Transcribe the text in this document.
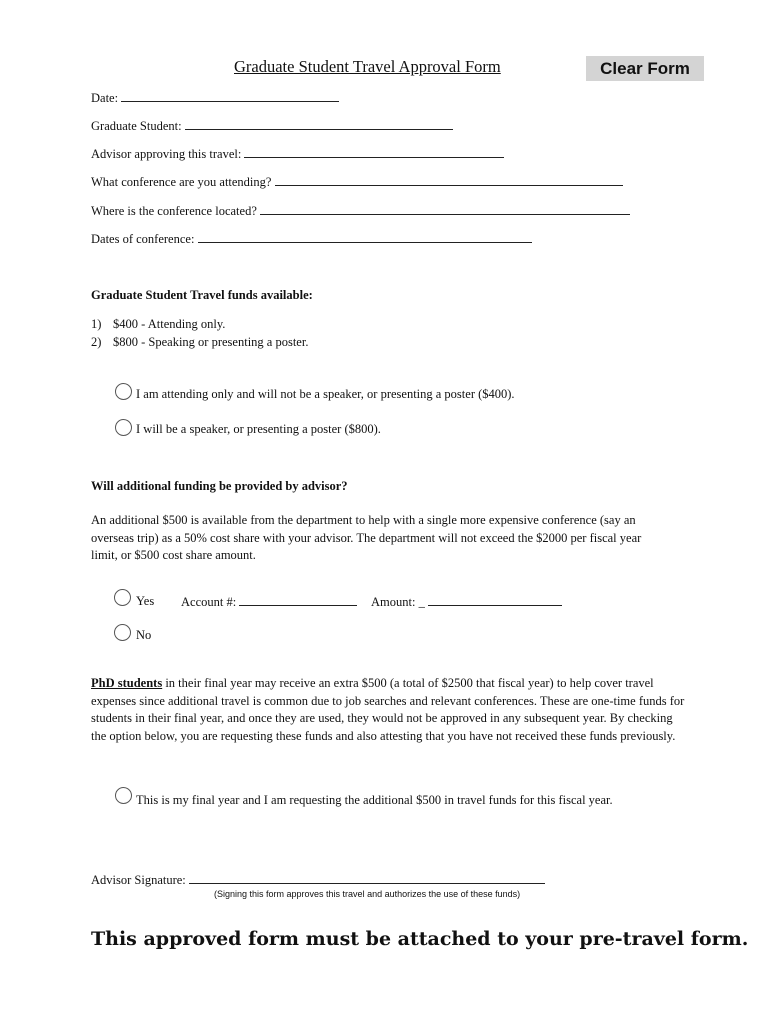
Graduate Student Travel Approval Form	Clear Form
Date:
Graduate Student:
Advisor approving this travel:
What conference are you attending?
Where is the conference located?
Dates of conference:
Graduate Student Travel funds available:
1) $400 - Attending only.
2) $800 - Speaking or presenting a poster.
I am attending only and will not be a speaker, or presenting a poster ($400).
I will be a speaker, or presenting a poster ($800).
Will additional funding be provided by advisor?
An additional $500 is available from the department to help with a single more expensive conference (say an overseas trip) as a 50% cost share with your advisor. The department will not exceed the $2000 per fiscal year limit, or $500 cost share amount.
Yes Account #:	Amount: _
No
PhD students in their final year may receive an extra $500 (a total of $2500 that fiscal year) to help cover travel expenses since additional travel is common due to job searches and relevant conferences. These are one-time funds for students in their final year, and once they are used, they would not be approved in any subsequent year. By checking the option below, you are requesting these funds and also attesting that you have not received these funds previously.
This is my final year and I am requesting the additional $500 in travel funds for this fiscal year.
Advisor Signature:
(Signing this form approves this travel and authorizes the use of these funds)
This approved form must be attached to your pre-travel form.
